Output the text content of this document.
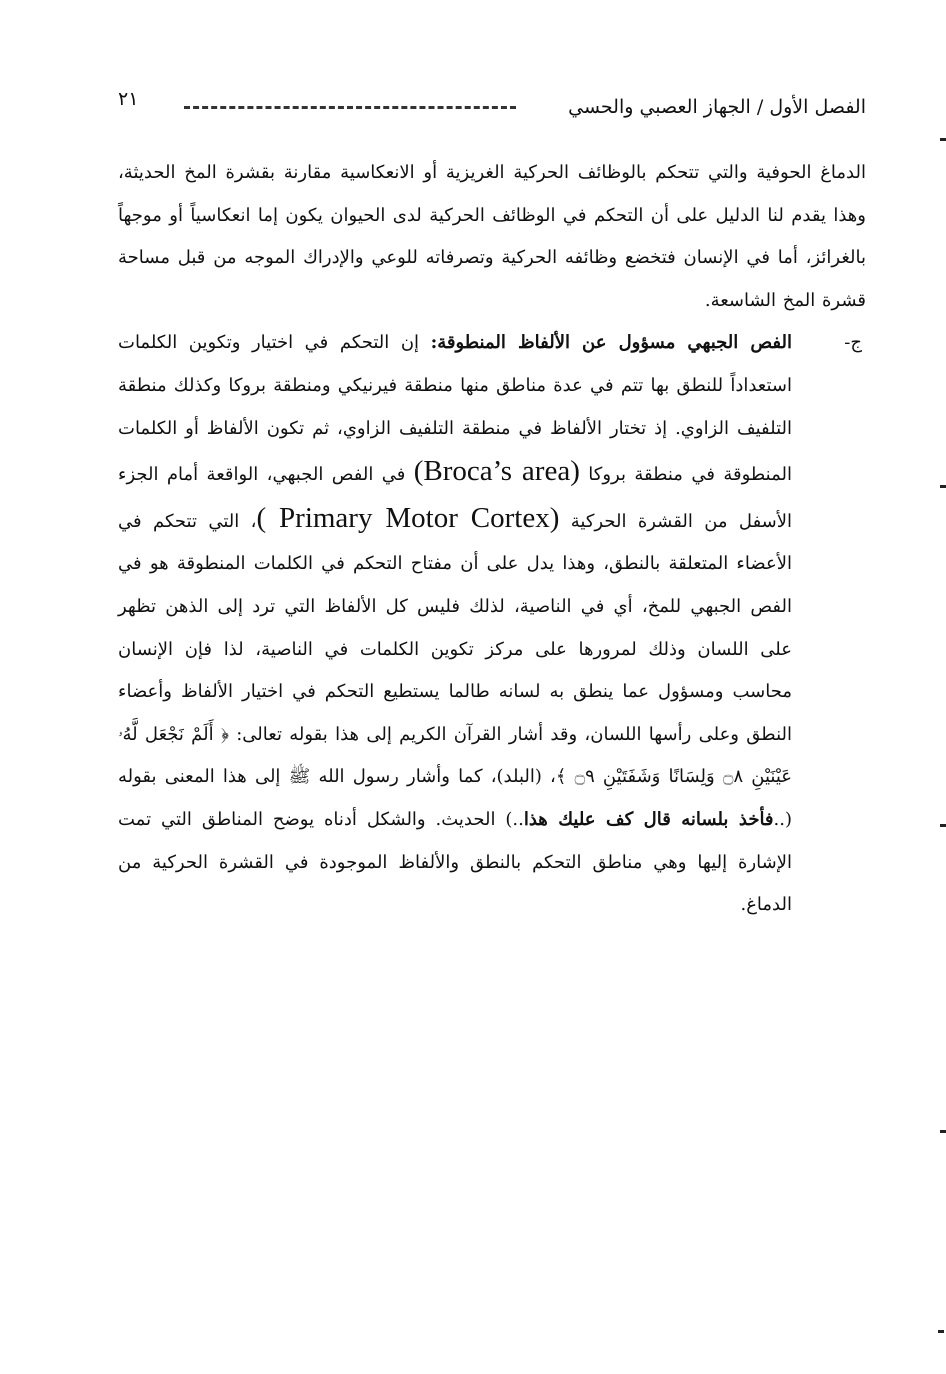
الفصل الأول / الجهاز العصبي والحسي
٢١

الدماغ الحوفية والتي تتحكم بالوظائف الحركية الغريزية أو الانعكاسية مقارنة بقشرة المخ الحديثة، وهذا يقدم لنا الدليل على أن التحكم في الوظائف الحركية لدى الحيوان يكون إما انعكاسياً أو موجهاً بالغرائز، أما في الإنسان فتخضع وظائفه الحركية وتصرفاته للوعي والإدراك الموجه من قبل مساحة قشرة المخ الشاسعة.

ج-
الفص الجبهي مسؤول عن الألفاظ المنطوقة: إن التحكم في اختيار وتكوين الكلمات استعداداً للنطق بها تتم في عدة مناطق منها منطقة فيرنيكي ومنطقة بروكا وكذلك منطقة التلفيف الزاوي. إذ تختار الألفاظ في منطقة التلفيف الزاوي، ثم تكون الألفاظ أو الكلمات المنطوقة في منطقة بروكا (Broca’s area) في الفص الجبهي، الواقعة أمام الجزء الأسفل من القشرة الحركية ( Primary Motor Cortex)، التي تتحكم في الأعضاء المتعلقة بالنطق، وهذا يدل على أن مفتاح التحكم في الكلمات المنطوقة هو في الفص الجبهي للمخ، أي في الناصية، لذلك فليس كل الألفاظ التي ترد إلى الذهن تظهر على اللسان وذلك لمرورها على مركز تكوين الكلمات في الناصية، لذا فإن الإنسان محاسب ومسؤول عما ينطق به لسانه طالما يستطيع التحكم في اختيار الألفاظ وأعضاء النطق وعلى رأسها اللسان، وقد أشار القرآن الكريم إلى هذا بقوله تعالى: ﴿ أَلَمْ نَجْعَل لَّهُۥ عَيْنَيْنِ ۝٨ وَلِسَانًا وَشَفَتَيْنِ ۝٩ ﴾، (البلد)، كما وأشار رسول الله ﷺ إلى هذا المعنى بقوله (..فأخذ بلسانه قال كف عليك هذا..) الحديث. والشكل أدناه يوضح المناطق التي تمت الإشارة إليها وهي مناطق التحكم بالنطق والألفاظ الموجودة في القشرة الحركية من الدماغ.
